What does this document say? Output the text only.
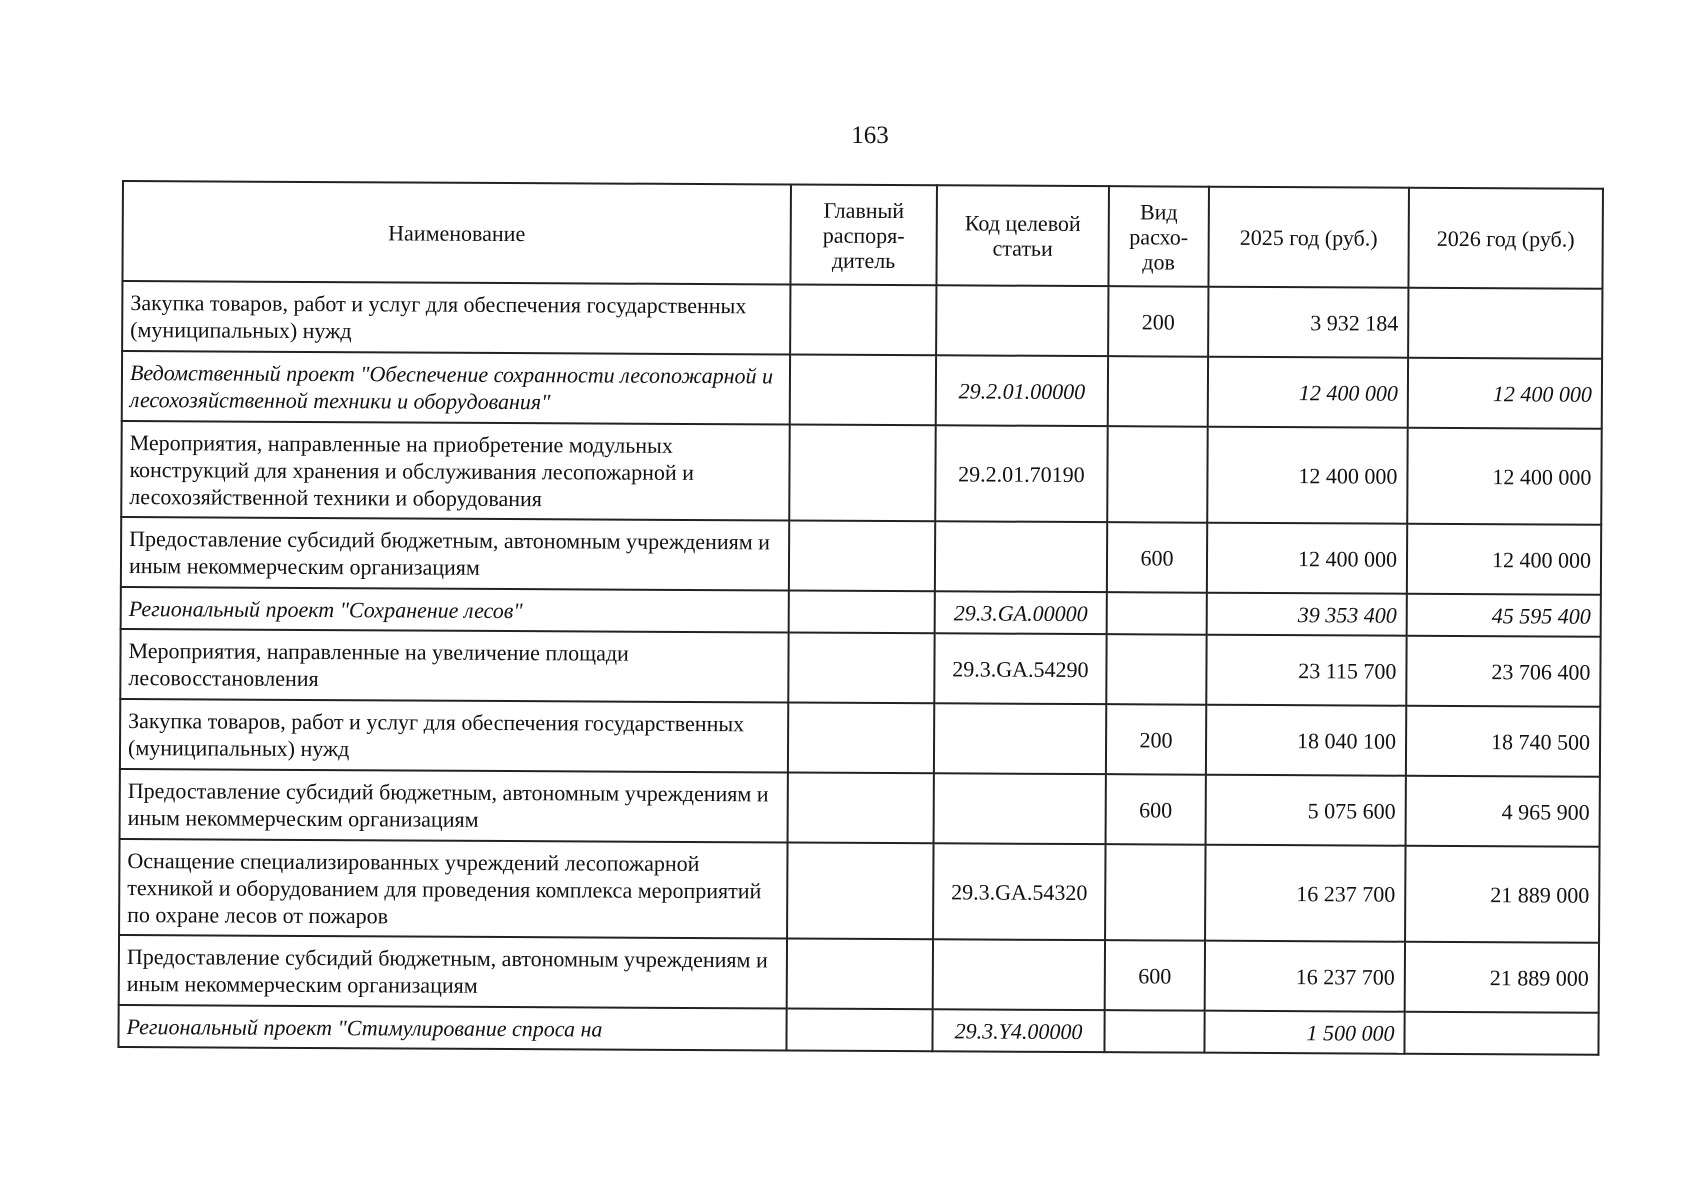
163
Наименование	Главный распоря-дитель	Код целевой статьи	Вид расхо-дов	2025 год (руб.)	2026 год (руб.)
Закупка товаров, работ и услуг для обеспечения государственных (муниципальных) нужд			200	3 932 184	
Ведомственный проект "Обеспечение сохранности лесопожарной и лесохозяйственной техники и оборудования"		29.2.01.00000		12 400 000	12 400 000
Мероприятия, направленные на приобретение модульных конструкций для хранения и обслуживания лесопожарной и лесохозяйственной техники и оборудования		29.2.01.70190		12 400 000	12 400 000
Предоставление субсидий бюджетным, автономным учреждениям и иным некоммерческим организациям			600	12 400 000	12 400 000
Региональный проект "Сохранение лесов"		29.3.GA.00000		39 353 400	45 595 400
Мероприятия, направленные на увеличение площади лесовосстановления		29.3.GA.54290		23 115 700	23 706 400
Закупка товаров, работ и услуг для обеспечения государственных (муниципальных) нужд			200	18 040 100	18 740 500
Предоставление субсидий бюджетным, автономным учреждениям и иным некоммерческим организациям			600	5 075 600	4 965 900
Оснащение специализированных учреждений лесопожарной техникой и оборудованием для проведения комплекса мероприятий по охране лесов от пожаров		29.3.GA.54320		16 237 700	21 889 000
Предоставление субсидий бюджетным, автономным учреждениям и иным некоммерческим организациям			600	16 237 700	21 889 000
Региональный проект "Стимулирование спроса на		29.3.Y4.00000		1 500 000	
